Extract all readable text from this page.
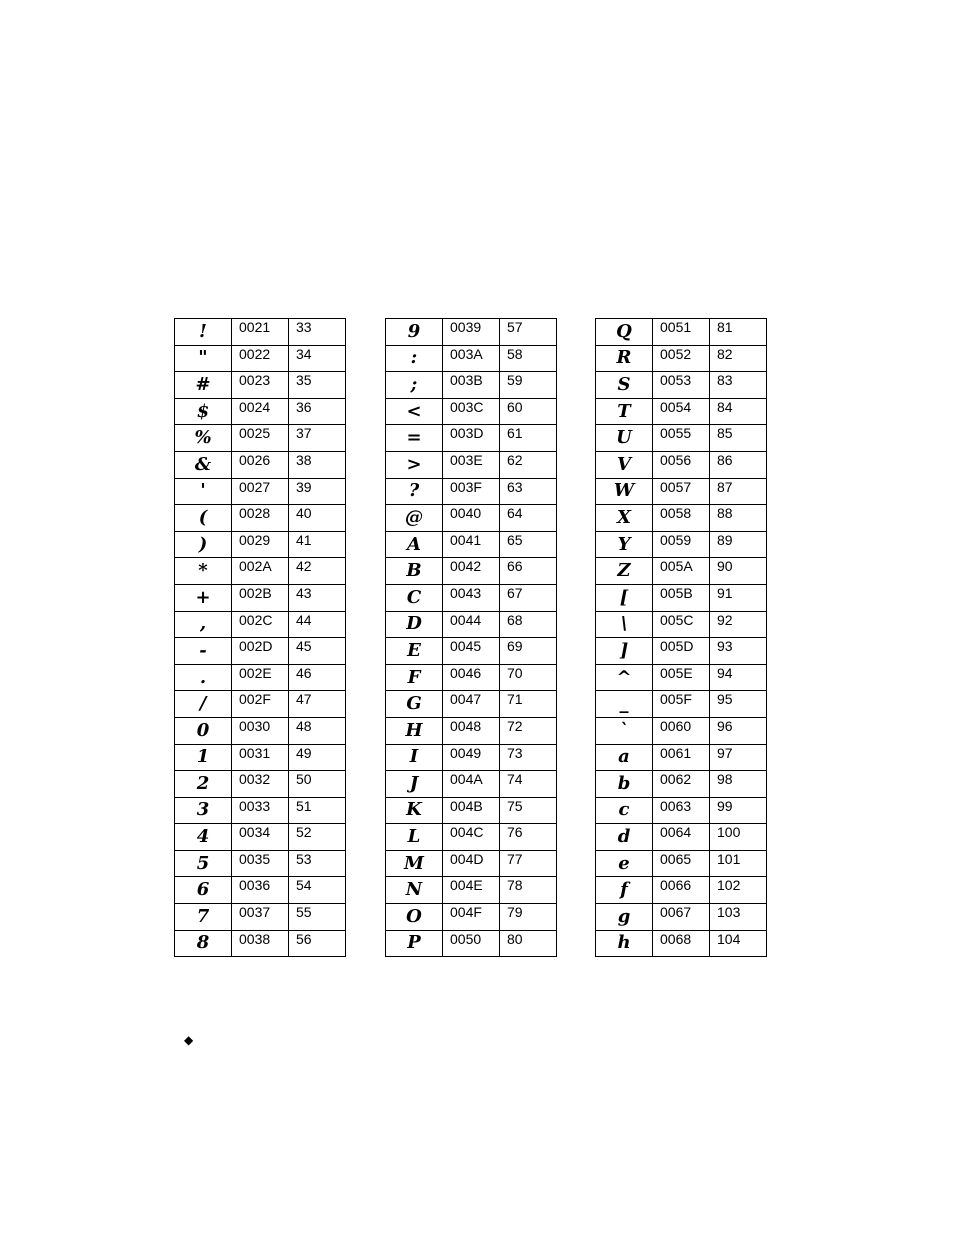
!	0021	33
"	0022	34
#	0023	35
$	0024	36
%	0025	37
&	0026	38
'	0027	39
(	0028	40
)	0029	41
*	002A	42
+	002B	43
,	002C	44
-	002D	45
.	002E	46
/	002F	47
0	0030	48
1	0031	49
2	0032	50
3	0033	51
4	0034	52
5	0035	53
6	0036	54
7	0037	55
8	0038	56
9	0039	57
:	003A	58
;	003B	59
<	003C	60
=	003D	61
>	003E	62
?	003F	63
@	0040	64
A	0041	65
B	0042	66
C	0043	67
D	0044	68
E	0045	69
F	0046	70
G	0047	71
H	0048	72
I	0049	73
J	004A	74
K	004B	75
L	004C	76
M	004D	77
N	004E	78
O	004F	79
P	0050	80
Q	0051	81
R	0052	82
S	0053	83
T	0054	84
U	0055	85
V	0056	86
W	0057	87
X	0058	88
Y	0059	89
Z	005A	90
[	005B	91
\	005C	92
]	005D	93
^	005E	94
_	005F	95
`	0060	96
a	0061	97
b	0062	98
c	0063	99
d	0064	100
e	0065	101
f	0066	102
g	0067	103
h	0068	104
◆
